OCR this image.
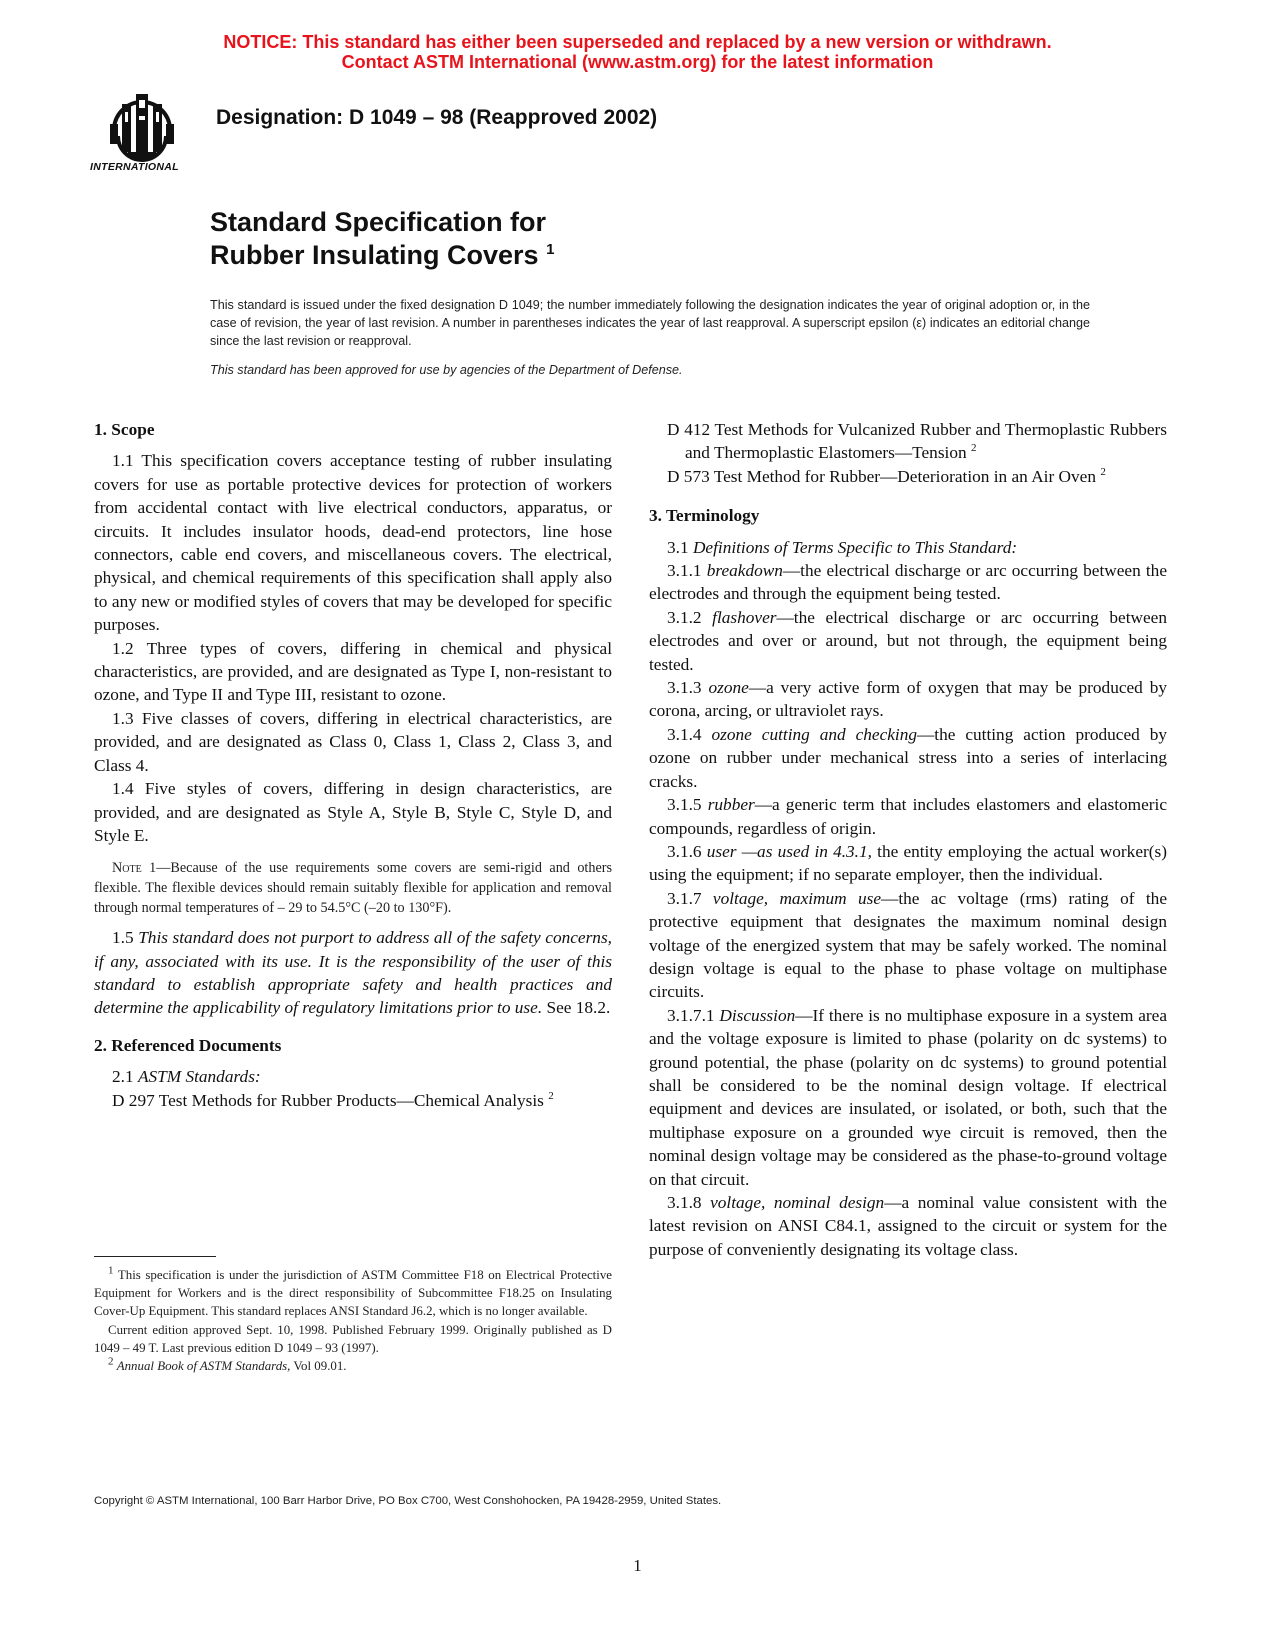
NOTICE: This standard has either been superseded and replaced by a new version or withdrawn.
Contact ASTM International (www.astm.org) for the latest information
INTERNATIONAL
Designation: D 1049 – 98 (Reapproved 2002)
Standard Specification for
Rubber Insulating Covers $^1$
This standard is issued under the fixed designation D 1049; the number immediately following the designation indicates the year of original adoption or, in the case of revision, the year of last revision. A number in parentheses indicates the year of last reapproval. A superscript epsilon (ε) indicates an editorial change since the last revision or reapproval.
This standard has been approved for use by agencies of the Department of Defense.

1. Scope

1.1 This specification covers acceptance testing of rubber insulating covers for use as portable protective devices for protection of workers from accidental contact with live electrical conductors, apparatus, or circuits. It includes insulator hoods, dead-end protectors, line hose connectors, cable end covers, and miscellaneous covers. The electrical, physical, and chemical requirements of this specification shall apply also to any new or modified styles of covers that may be developed for specific purposes.

1.2 Three types of covers, differing in chemical and physical characteristics, are provided, and are designated as Type I, non-resistant to ozone, and Type II and Type III, resistant to ozone.

1.3 Five classes of covers, differing in electrical characteristics, are provided, and are designated as Class 0, Class 1, Class 2, Class 3, and Class 4.

1.4 Five styles of covers, differing in design characteristics, are provided, and are designated as Style A, Style B, Style C, Style D, and Style E.

Note 1—Because of the use requirements some covers are semi-rigid and others flexible. The flexible devices should remain suitably flexible for application and removal through normal temperatures of – 29 to 54.5°C (–20 to 130°F).

1.5 This standard does not purport to address all of the safety concerns, if any, associated with its use. It is the responsibility of the user of this standard to establish appropriate safety and health practices and determine the applicability of regulatory limitations prior to use. See 18.2.

2. Referenced Documents

2.1 ASTM Standards:

D 297 Test Methods for Rubber Products—Chemical Analysis $^2$

$^1$ This specification is under the jurisdiction of ASTM Committee F18 on Electrical Protective Equipment for Workers and is the direct responsibility of Subcommittee F18.25 on Insulating Cover-Up Equipment. This standard replaces ANSI Standard J6.2, which is no longer available.

Current edition approved Sept. 10, 1998. Published February 1999. Originally published as D 1049 – 49 T. Last previous edition D 1049 – 93 (1997).

$^2$ Annual Book of ASTM Standards, Vol 09.01.

D 412 Test Methods for Vulcanized Rubber and Thermoplastic Rubbers and Thermoplastic Elastomers—Tension $^2$

D 573 Test Method for Rubber—Deterioration in an Air Oven $^2$

3. Terminology

3.1 Definitions of Terms Specific to This Standard:

3.1.1 breakdown—the electrical discharge or arc occurring between the electrodes and through the equipment being tested.

3.1.2 flashover—the electrical discharge or arc occurring between electrodes and over or around, but not through, the equipment being tested.

3.1.3 ozone—a very active form of oxygen that may be produced by corona, arcing, or ultraviolet rays.

3.1.4 ozone cutting and checking—the cutting action produced by ozone on rubber under mechanical stress into a series of interlacing cracks.

3.1.5 rubber—a generic term that includes elastomers and elastomeric compounds, regardless of origin.

3.1.6 user —as used in 4.3.1, the entity employing the actual worker(s) using the equipment; if no separate employer, then the individual.

3.1.7 voltage, maximum use—the ac voltage (rms) rating of the protective equipment that designates the maximum nominal design voltage of the energized system that may be safely worked. The nominal design voltage is equal to the phase to phase voltage on multiphase circuits.

3.1.7.1 Discussion—If there is no multiphase exposure in a system area and the voltage exposure is limited to phase (polarity on dc systems) to ground potential, the phase (polarity on dc systems) to ground potential shall be considered to be the nominal design voltage. If electrical equipment and devices are insulated, or isolated, or both, such that the multiphase exposure on a grounded wye circuit is removed, then the nominal design voltage may be considered as the phase-to-ground voltage on that circuit.

3.1.8 voltage, nominal design—a nominal value consistent with the latest revision on ANSI C84.1, assigned to the circuit or system for the purpose of conveniently designating its voltage class.

Copyright © ASTM International, 100 Barr Harbor Drive, PO Box C700, West Conshohocken, PA 19428-2959, United States.
1
